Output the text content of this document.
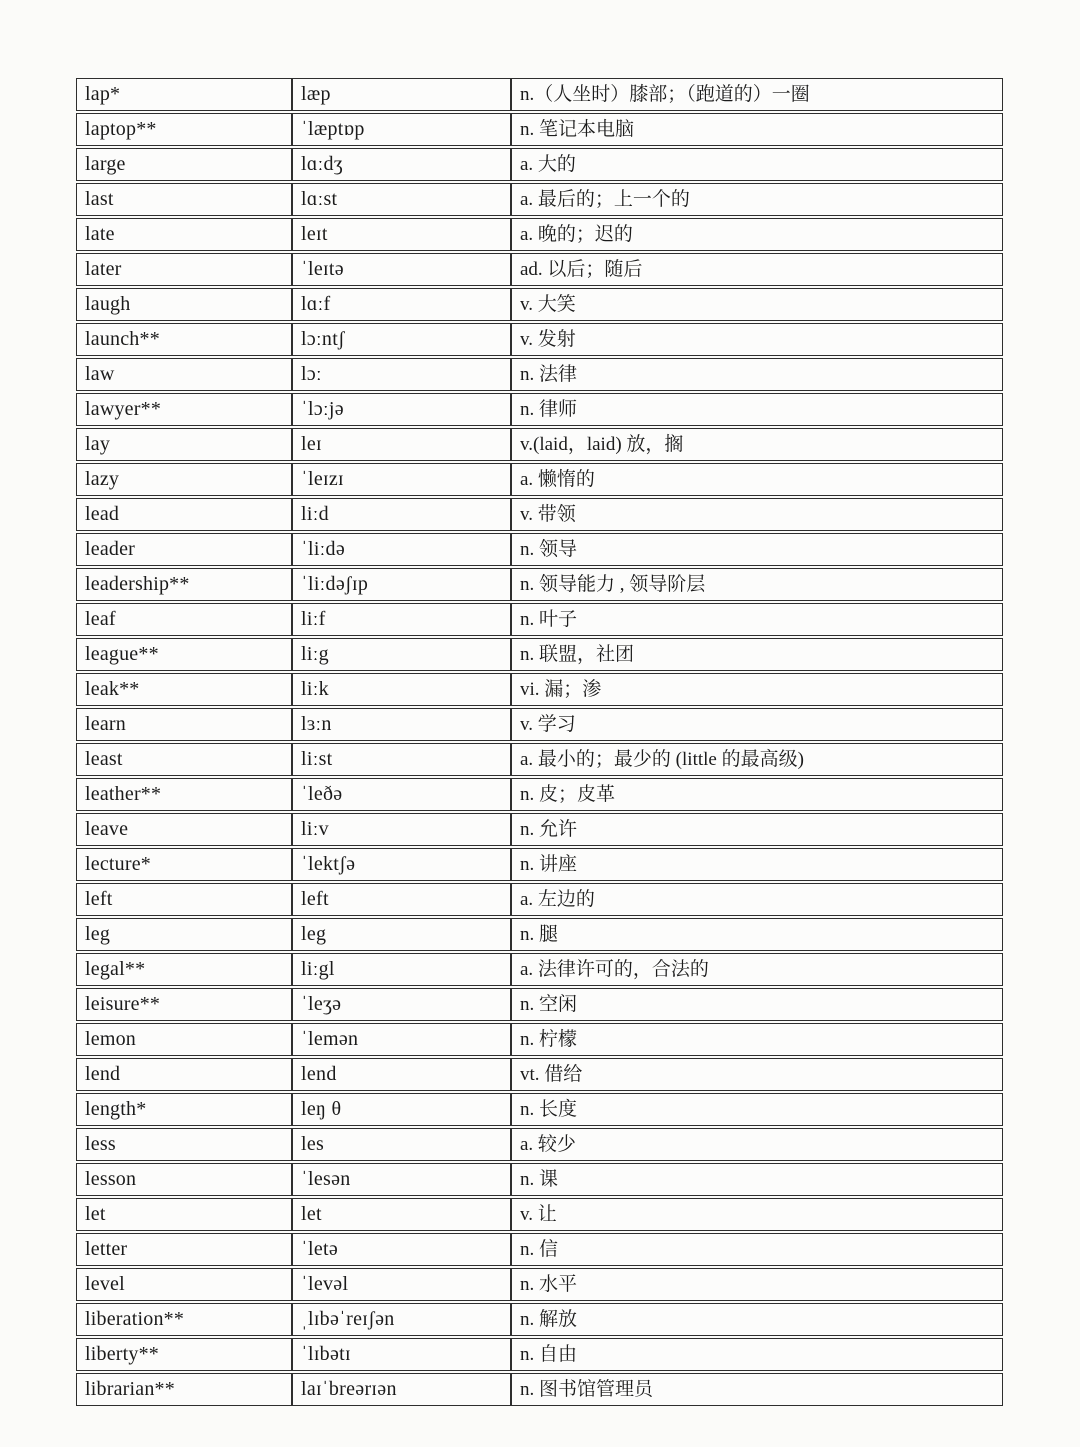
lap*	læp	n.（人坐时）膝部；（跑道的）一圈
laptop**	ˈlæptɒp	n. 笔记本电脑
large	lɑːdʒ	a. 大的
last	lɑːst	a. 最后的；上一个的
late	leɪt	a. 晚的；迟的
later	ˈleɪtə	ad. 以后；随后
laugh	lɑːf	v. 大笑
launch**	lɔːntʃ	v. 发射
law	lɔː	n. 法律
lawyer**	ˈlɔːjə	n. 律师
lay	leɪ	v.(laid，laid) 放，搁
lazy	ˈleɪzɪ	a. 懒惰的
lead	liːd	v. 带领
leader	ˈliːdə	n. 领导
leadership**	ˈliːdəʃɪp	n. 领导能力 , 领导阶层
leaf	liːf	n. 叶子
league**	liːg	n. 联盟，社团
leak**	liːk	vi. 漏；渗
learn	lɜːn	v. 学习
least	liːst	a. 最小的；最少的 (little 的最高级)
leather**	ˈleðə	n. 皮；皮革
leave	liːv	n. 允许
lecture*	ˈlektʃə	n. 讲座
left	left	a. 左边的
leg	leg	n. 腿
legal**	liːgl	a. 法律许可的，合法的
leisure**	ˈleʒə	n. 空闲
lemon	ˈlemən	n. 柠檬
lend	lend	vt. 借给
length*	leŋ θ	n. 长度
less	les	a. 较少
lesson	ˈlesən	n. 课
let	let	v. 让
letter	ˈletə	n. 信
level	ˈlevəl	n. 水平
liberation**	ˌlɪbəˈreɪʃən	n. 解放
liberty**	ˈlɪbətɪ	n. 自由
librarian**	laɪˈbreərɪən	n. 图书馆管理员
